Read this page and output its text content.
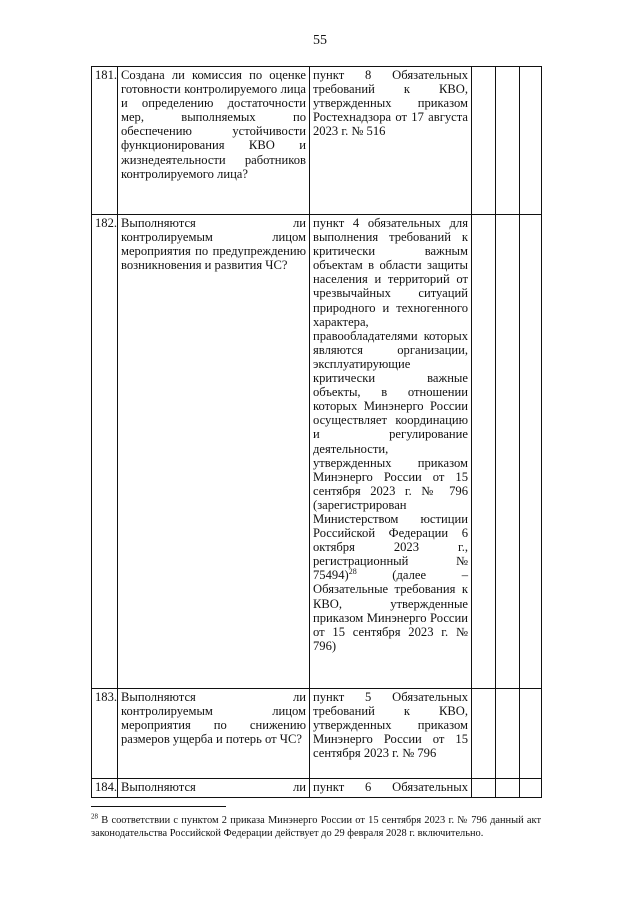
55
181.	Создана ли комиссия по оценке готовности контролируемого лица и определению достаточности мер, выполняемых по обеспечению устойчивости функционирования КВО и жизнедеятельности работников контролируемого лица?	пункт 8 Обязательных требований к КВО, утвержденных приказом Ростехнадзора от 17 августа 2023 г. № 516			
182.	Выполняются ли контролируемым лицом мероприятия по предупреждению возникновения и развития ЧС?	пункт 4 обязательных для выполнения требований к критически важным объектам в области защиты населения и территорий от чрезвычайных ситуаций природного и техногенного характера, правообладателями которых являются организации, эксплуатирующие критически важные объекты, в отношении которых Минэнерго России осуществляет координацию и регулирование деятельности, утвержденных приказом Минэнерго России от 15 сентября 2023 г. № 796 (зарегистрирован Министерством юстиции Российской Федерации 6 октября 2023 г., регистрационный № 75494)$^{28}$ (далее – Обязательные требования к КВО, утвержденные приказом Минэнерго России от 15 сентября 2023 г. № 796)			
183.	Выполняются ли контролируемым лицом мероприятия по снижению размеров ущерба и потерь от ЧС?	пункт 5 Обязательных требований к КВО, утвержденных приказом Минэнерго России от 15 сентября 2023 г. № 796			
184.	Выполняются ли	пункт 6 Обязательных			
$^{28}$ В соответствии с пунктом 2 приказа Минэнерго России от 15 сентября 2023 г. № 796 данный акт законодательства Российской Федерации действует до 29 февраля 2028 г. включительно.
